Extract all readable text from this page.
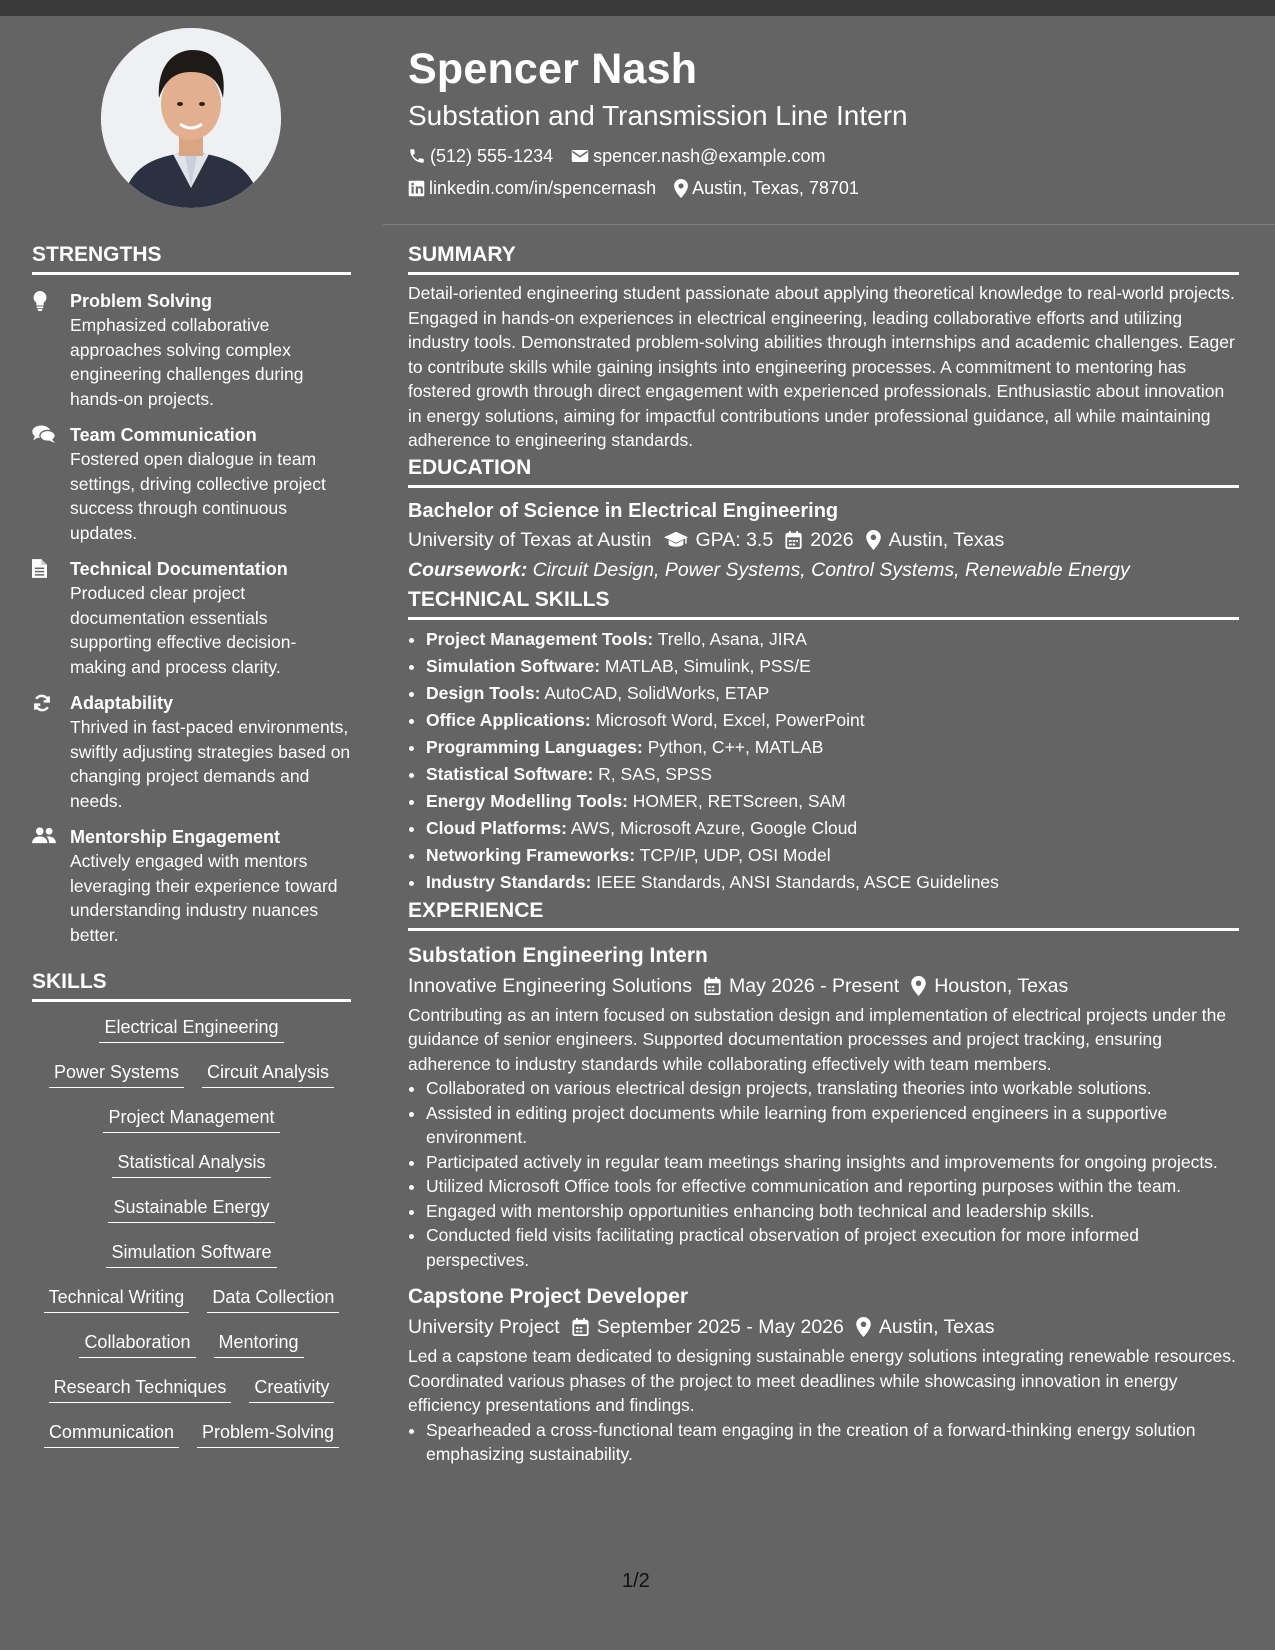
Spencer Nash
Substation and Transmission Line Intern
(512) 555-1234 spencer.nash@example.com
linkedin.com/in/spencernash Austin, Texas, 78701
STRENGTHS
Problem Solving
Emphasized collaborative approaches solving complex engineering challenges during hands-on projects.
Team Communication
Fostered open dialogue in team settings, driving collective project success through continuous updates.
Technical Documentation
Produced clear project documentation essentials supporting effective decision-making and process clarity.
Adaptability
Thrived in fast-paced environments, swiftly adjusting strategies based on changing project demands and needs.
Mentorship Engagement
Actively engaged with mentors leveraging their experience toward understanding industry nuances better.
SKILLS
Electrical Engineering
Power Systems Circuit Analysis
Project Management
Statistical Analysis
Sustainable Energy
Simulation Software
Technical Writing Data Collection
Collaboration Mentoring
Research Techniques Creativity
Communication Problem-Solving
SUMMARY

Detail-oriented engineering student passionate about applying theoretical knowledge to real-world projects. Engaged in hands-on experiences in electrical engineering, leading collaborative efforts and utilizing industry tools. Demonstrated problem-solving abilities through internships and academic challenges. Eager to contribute skills while gaining insights into engineering processes. A commitment to mentoring has fostered growth through direct engagement with experienced professionals. Enthusiastic about innovation in energy solutions, aiming for impactful contributions under professional guidance, all while maintaining adherence to engineering standards.

EDUCATION
Bachelor of Science in Electrical Engineering
University of Texas at Austin GPA: 3.5 2026 Austin, Texas
Coursework: Circuit Design, Power Systems, Control Systems, Renewable Energy
TECHNICAL SKILLS
• Project Management Tools: Trello, Asana, JIRA
• Simulation Software: MATLAB, Simulink, PSS/E
• Design Tools: AutoCAD, SolidWorks, ETAP
• Office Applications: Microsoft Word, Excel, PowerPoint
• Programming Languages: Python, C++, MATLAB
• Statistical Software: R, SAS, SPSS
• Energy Modelling Tools: HOMER, RETScreen, SAM
• Cloud Platforms: AWS, Microsoft Azure, Google Cloud
• Networking Frameworks: TCP/IP, UDP, OSI Model
• Industry Standards: IEEE Standards, ANSI Standards, ASCE Guidelines
EXPERIENCE
Substation Engineering Intern
Innovative Engineering Solutions May 2026 - Present Houston, Texas

Contributing as an intern focused on substation design and implementation of electrical projects under the guidance of senior engineers. Supported documentation processes and project tracking, ensuring adherence to industry standards while collaborating effectively with team members.

• Collaborated on various electrical design projects, translating theories into workable solutions.
• Assisted in editing project documents while learning from experienced engineers in a supportive environment.
• Participated actively in regular team meetings sharing insights and improvements for ongoing projects.
• Utilized Microsoft Office tools for effective communication and reporting purposes within the team.
• Engaged with mentorship opportunities enhancing both technical and leadership skills.
• Conducted field visits facilitating practical observation of project execution for more informed perspectives.
Capstone Project Developer
University Project September 2025 - May 2026 Austin, Texas

Led a capstone team dedicated to designing sustainable energy solutions integrating renewable resources. Coordinated various phases of the project to meet deadlines while showcasing innovation in energy efficiency presentations and findings.

• Spearheaded a cross-functional team engaging in the creation of a forward-thinking energy solution emphasizing sustainability.
1/2
